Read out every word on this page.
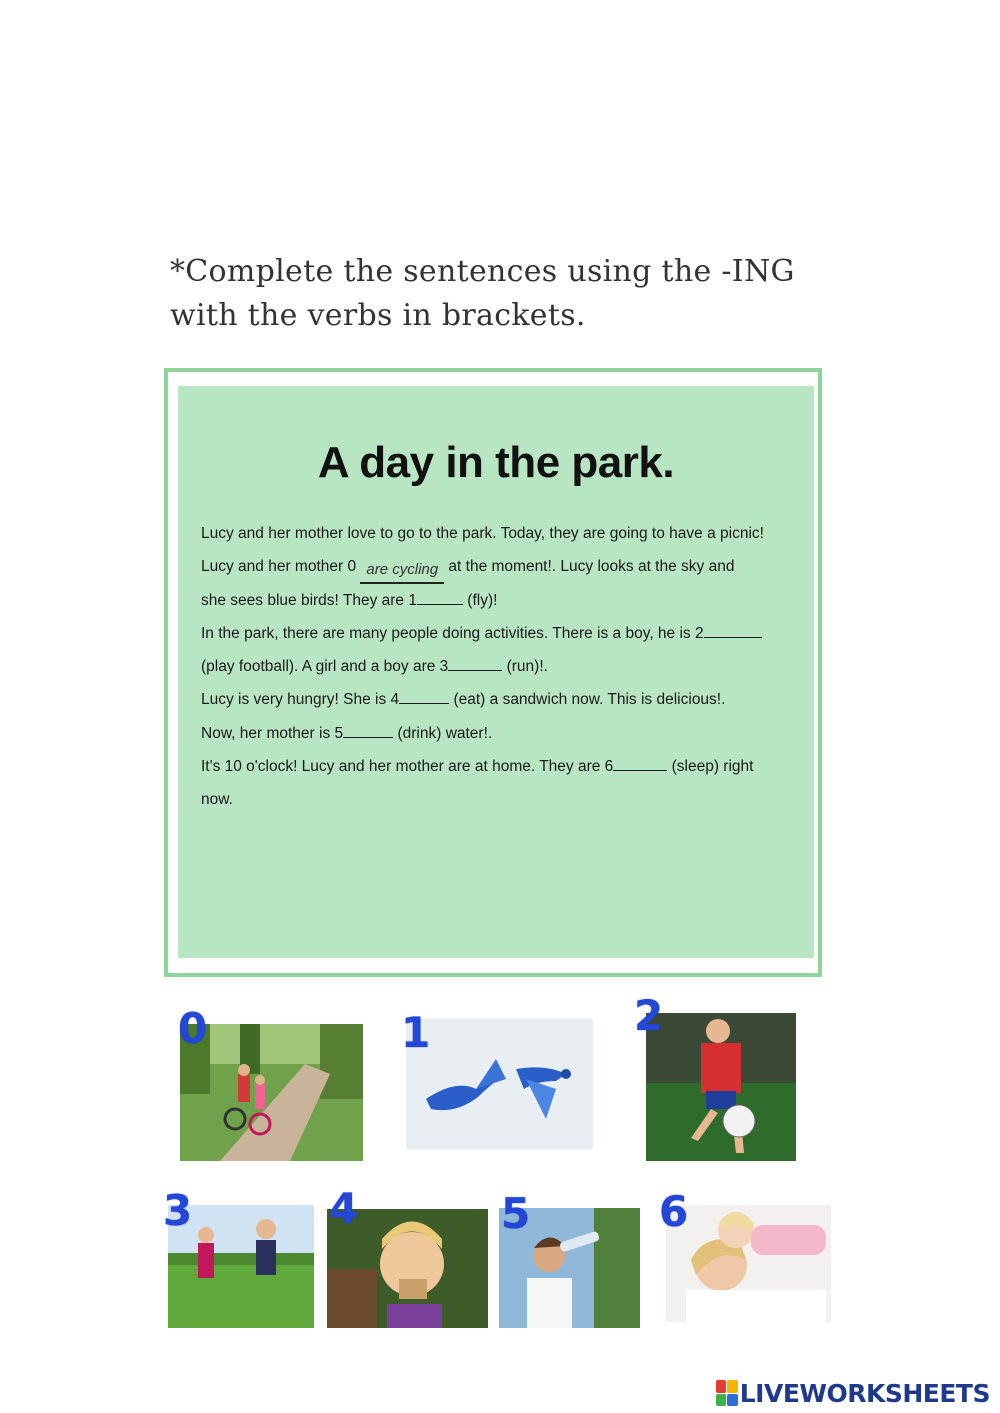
*Complete the sentences using the -ING
with the verbs in brackets.
A day in the park.
Lucy and her mother love to go to the park. Today, they are going to have a picnic!
Lucy and her mother 0 are cycling at the moment!. Lucy looks at the sky and
she sees blue birds! They are 1	(fly)!
In the park, there are many people doing activities. There is a boy, he is 2
(play football). A girl and a boy are 3	(run)!.
Lucy is very hungry! She is 4	(eat) a sandwich now. This is delicious!.
Now, her mother is 5	(drink) water!.
It's 10 o'clock! Lucy and her mother are at home. They are 6	(sleep) right
now.
0	1	2
3	4	5	6
LIVEWORKSHEETS
